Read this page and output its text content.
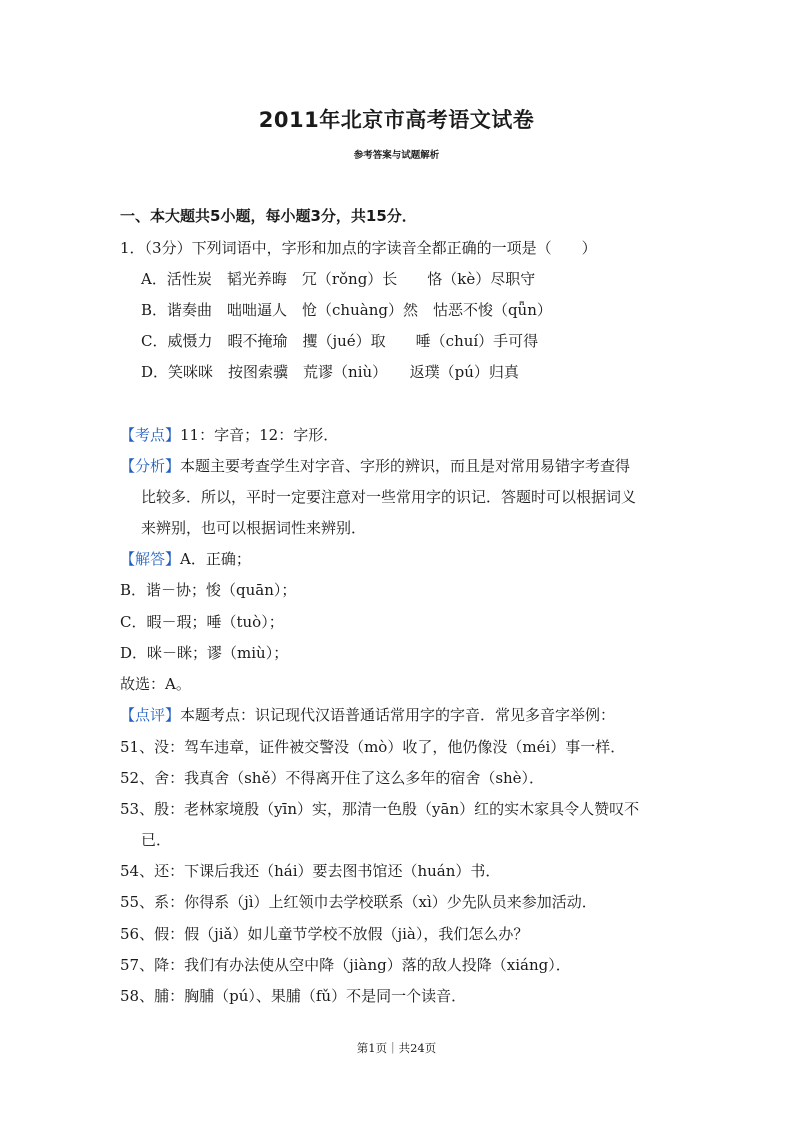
2011年北京市高考语文试卷
参考答案与试题解析
一、本大题共5小题，每小题3分，共15分．
1．（3分）下列词语中，字形和加点的字读音全都正确的一项是（　　）
A．活性炭　韬光养晦　冗（rǒng）长　　恪（kè）尽职守
B．谐奏曲　咄咄逼人　怆（chuàng）然　怙恶不悛（qǖn）
C．威慑力　暇不掩瑜　攫（jué）取　　唾（chuí）手可得
D．笑咪咪　按图索骥　荒谬（niù）　　返璞（pú）归真
【考点】11：字音；12：字形．
【分析】本题主要考查学生对字音、字形的辨识，而且是对常用易错字考查得
比较多．所以，平时一定要注意对一些常用字的识记．答题时可以根据词义
来辨别，也可以根据词性来辨别．
【解答】A．正确；
B．谐－协；悛（quān）；
C．暇－瑕；唾（tuò）；
D．咪－眯；谬（miù）；
故选：A。
【点评】本题考点：识记现代汉语普通话常用字的字音．常见多音字举例：
51、没：驾车违章，证件被交警没（mò）收了，他仍像没（méi）事一样．
52、舍：我真舍（shě）不得离开住了这么多年的宿舍（shè）．
53、殷：老林家境殷（yīn）实，那清一色殷（yān）红的实木家具令人赞叹不
已．
54、还：下课后我还（hái）要去图书馆还（huán）书．
55、系：你得系（jì）上红领巾去学校联系（xì）少先队员来参加活动．
56、假：假（jiǎ）如儿童节学校不放假（jià），我们怎么办？
57、降：我们有办法使从空中降（jiàng）落的敌人投降（xiáng）．
58、脯：胸脯（pú）、果脯（fǔ）不是同一个读音．
第1页｜共24页
